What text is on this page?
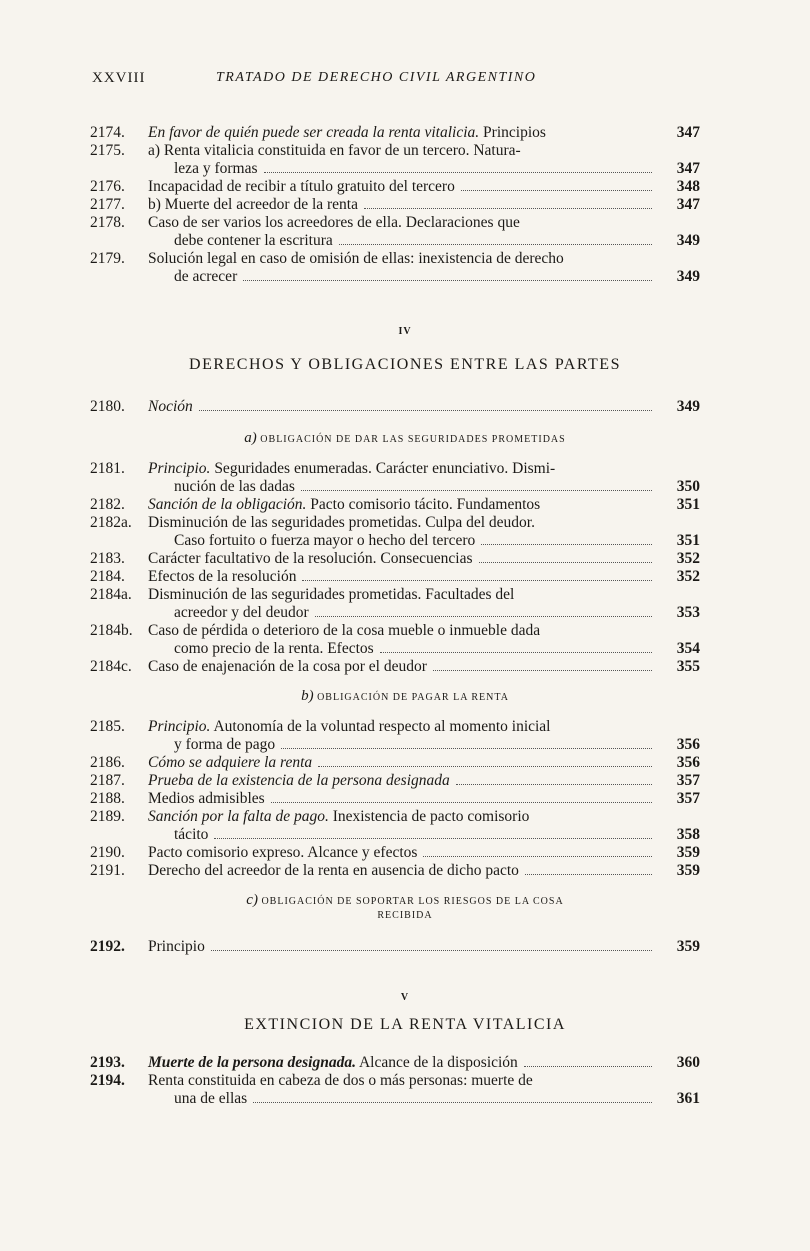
XXVIII	TRATADO DE DERECHO CIVIL ARGENTINO
2174.	En favor de quién puede ser creada la renta vitalicia. Principios	347
2175.	a) Renta vitalicia constituida en favor de un tercero. Natura-
leza y formas	347
2176.	Incapacidad de recibir a título gratuito del tercero	348
2177.	b) Muerte del acreedor de la renta	347
2178.	Caso de ser varios los acreedores de ella. Declaraciones que
debe contener la escritura	349
2179.	Solución legal en caso de omisión de ellas: inexistencia de derecho
de acrecer	349
IV
DERECHOS Y OBLIGACIONES ENTRE LAS PARTES
2180.	Noción	349
a) OBLIGACIÓN DE DAR LAS SEGURIDADES PROMETIDAS
2181.	Principio. Seguridades enumeradas. Carácter enunciativo. Dismi-
nución de las dadas	350
2182.	Sanción de la obligación. Pacto comisorio tácito. Fundamentos	351
2182a.	Disminución de las seguridades prometidas. Culpa del deudor.
Caso fortuito o fuerza mayor o hecho del tercero	351
2183.	Carácter facultativo de la resolución. Consecuencias	352
2184.	Efectos de la resolución	352
2184a.	Disminución de las seguridades prometidas. Facultades del
acreedor y del deudor	353
2184b. Caso de pérdida o deterioro de la cosa mueble o inmueble dada
como precio de la renta. Efectos	354
2184c.	Caso de enajenación de la cosa por el deudor	355
b) OBLIGACIÓN DE PAGAR LA RENTA
2185.	Principio. Autonomía de la voluntad respecto al momento inicial
y forma de pago	356
2186.	Cómo se adquiere la renta	356
2187.	Prueba de la existencia de la persona designada	357
2188.	Medios admisibles	357
2189.	Sanción por la falta de pago. Inexistencia de pacto comisorio
tácito	358
2190.	Pacto comisorio expreso. Alcance y efectos	359
2191.	Derecho del acreedor de la renta en ausencia de dicho pacto	359
c) OBLIGACIÓN DE SOPORTAR LOS RIESGOS DE LA COSA
RECIBIDA
2192.	Principio	359
V
EXTINCION DE LA RENTA VITALICIA
2193.	Muerte de la persona designada. Alcance de la disposición	360
2194.	Renta constituida en cabeza de dos o más personas: muerte de
una de ellas	361
